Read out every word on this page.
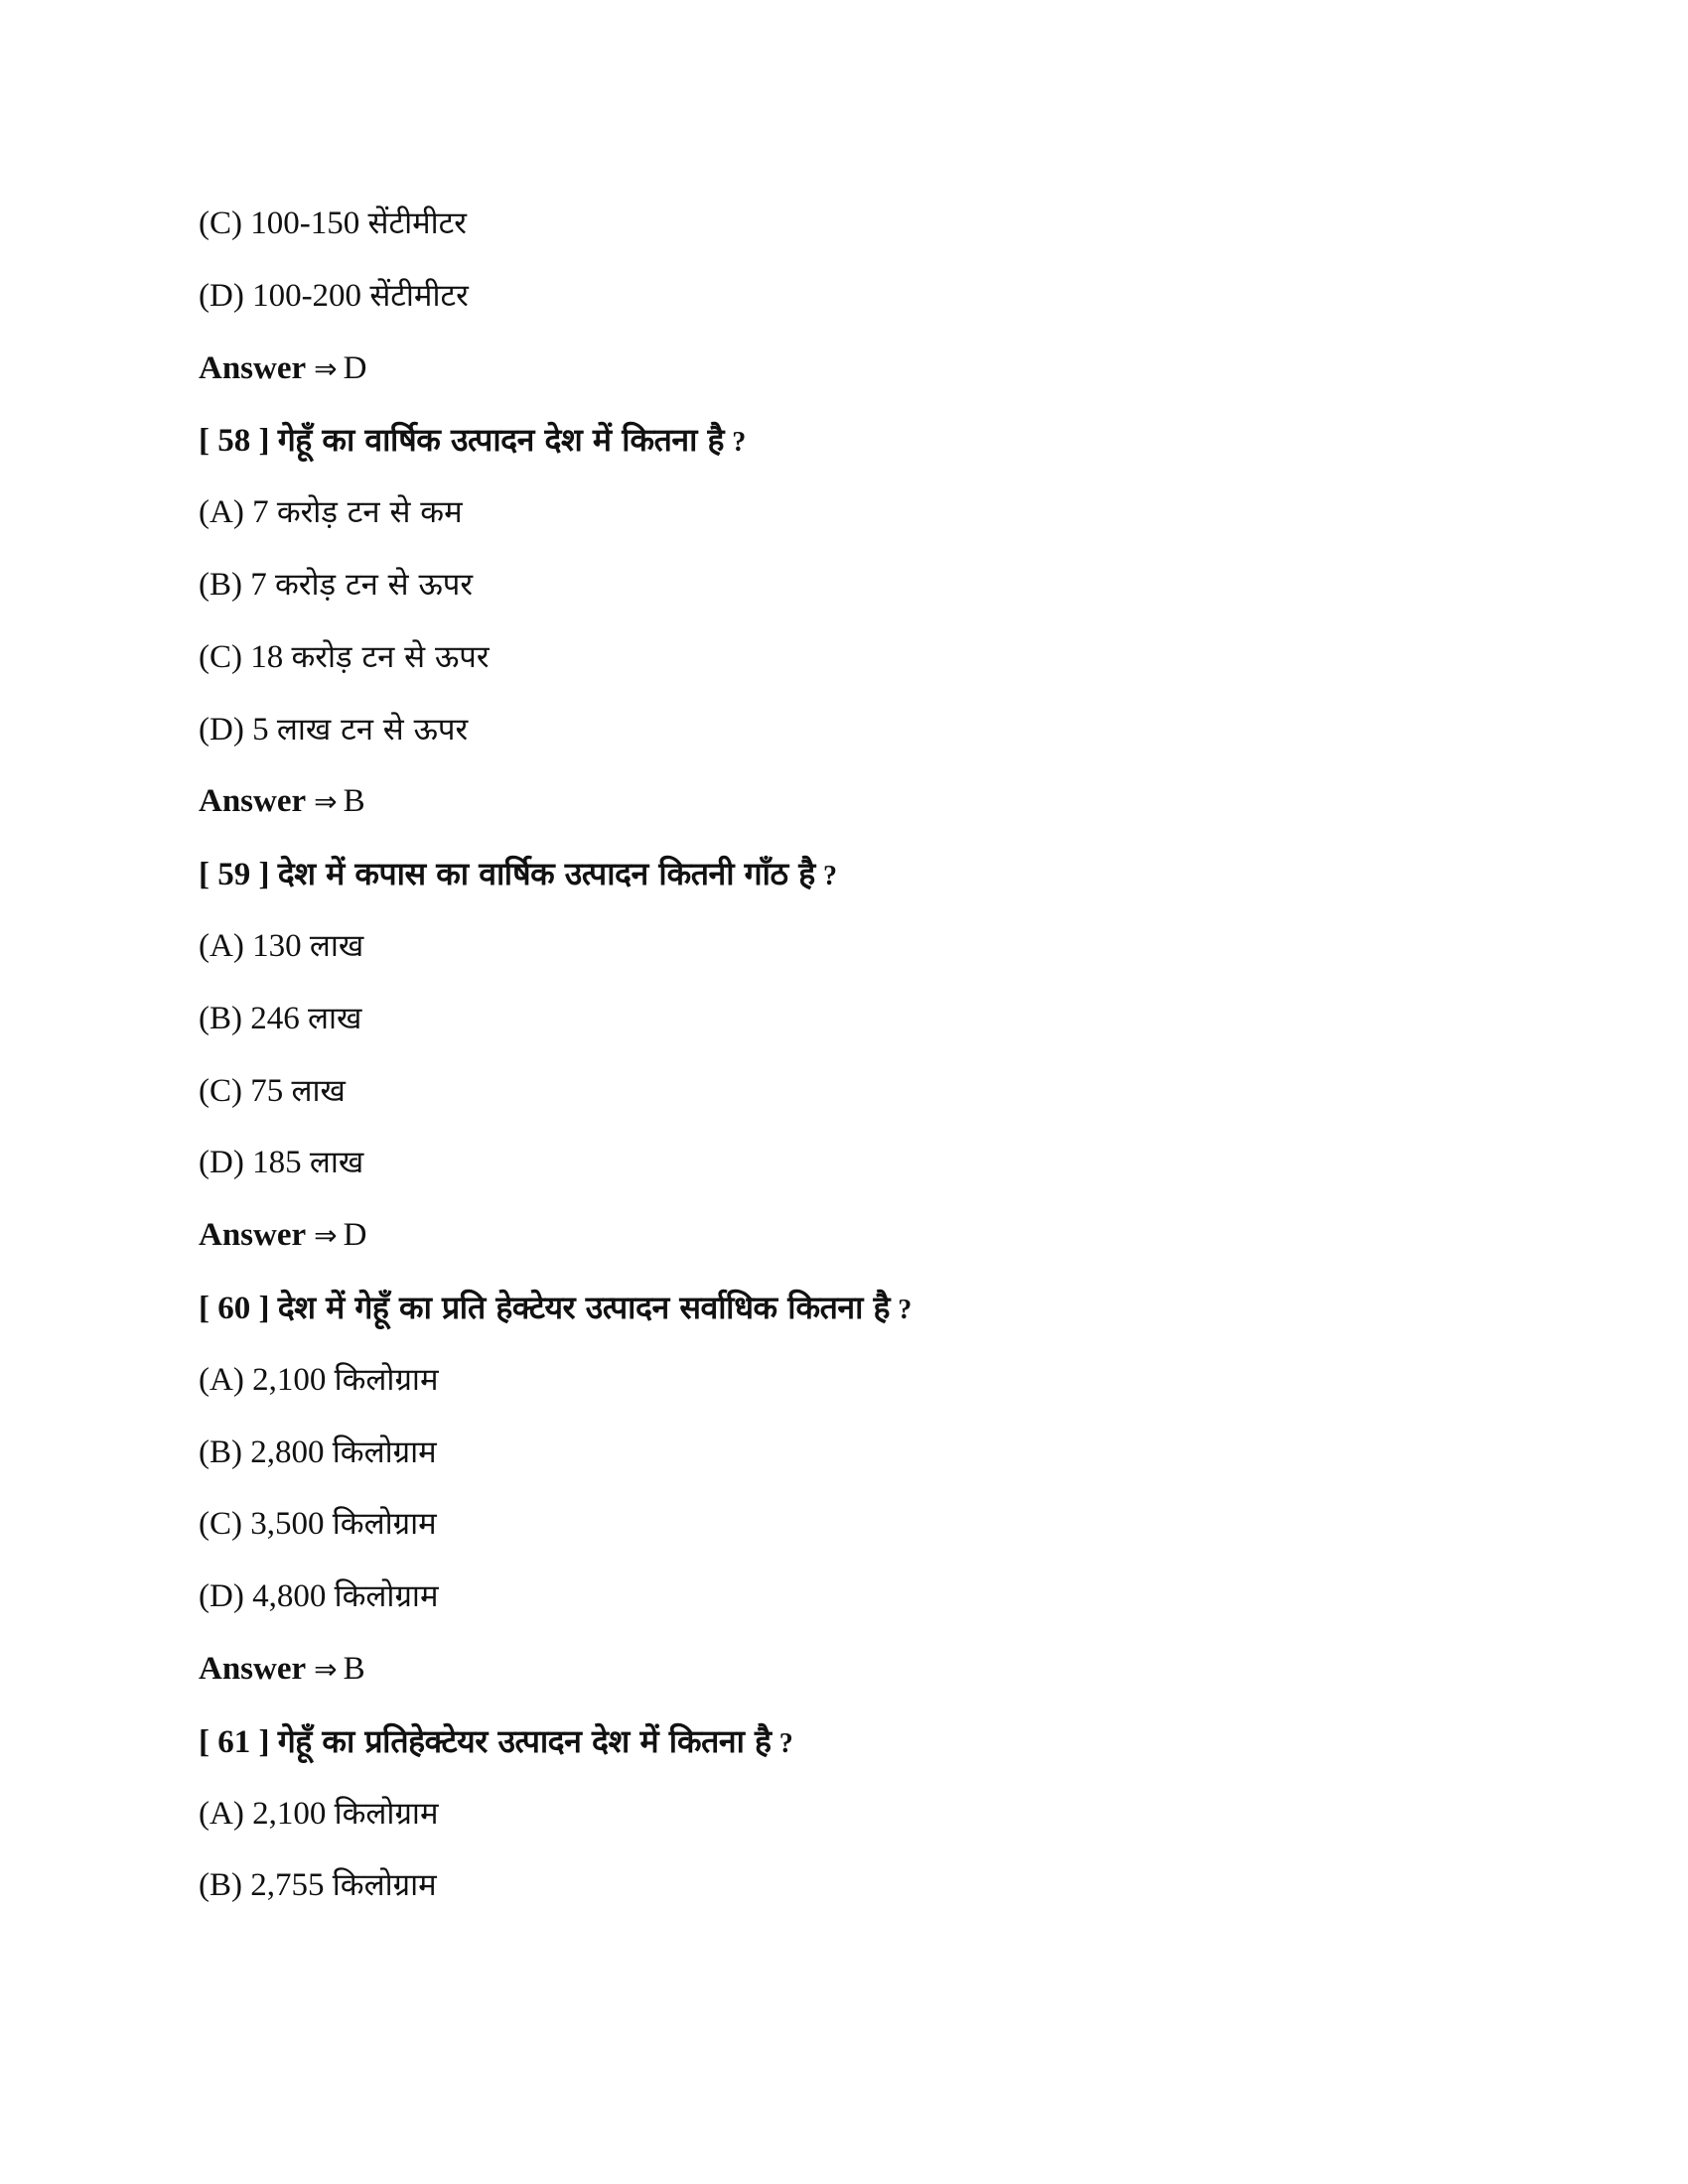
(C) 100-150 सेंटीमीटर
(D) 100-200 सेंटीमीटर
Answer ⇒ D
[ 58 ] गेहूँ का वार्षिक उत्पादन देश में कितना है ?
(A) 7 करोड़ टन से कम
(B) 7 करोड़ टन से ऊपर
(C) 18 करोड़ टन से ऊपर
(D) 5 लाख टन से ऊपर
Answer ⇒ B
[ 59 ] देश में कपास का वार्षिक उत्पादन कितनी गाँठ है ?
(A) 130 लाख
(B) 246 लाख
(C) 75 लाख
(D) 185 लाख
Answer ⇒ D
[ 60 ] देश में गेहूँ का प्रति हेक्टेयर उत्पादन सर्वाधिक कितना है ?
(A) 2,100 किलोग्राम
(B) 2,800 किलोग्राम
(C) 3,500 किलोग्राम
(D) 4,800 किलोग्राम
Answer ⇒ B
[ 61 ] गेहूँ का प्रतिहेक्टेयर उत्पादन देश में कितना है ?
(A) 2,100 किलोग्राम
(B) 2,755 किलोग्राम
